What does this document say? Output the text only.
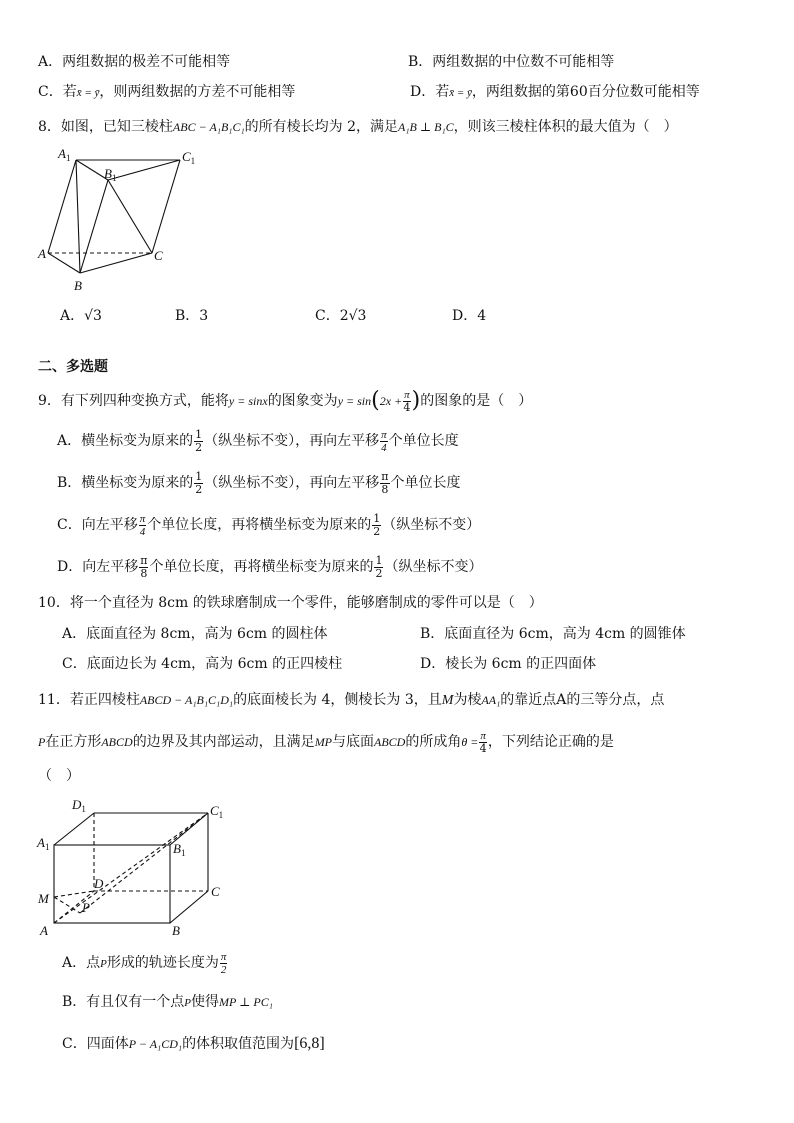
A．两组数据的极差不可能相等	B．两组数据的中位数不可能相等
C．若x̄ = ȳ，则两组数据的方差不可能相等	D．若x̄ = ȳ，两组数据的第60百分位数可能相等
8．如图，已知三棱柱ABC − A₁B₁C₁的所有棱长均为 2，满足A₁B ⊥ B₁C，则该三棱柱体积的最大值为（　）
$A_1$	$C_1$
$B_1$
A	C
B
A．√3	B．3	C．2√3	D．4
二、多选题
9．有下列四种变换方式，能将y = sinx的图象变为$y = \sin(2x + \frac{\pi}{4}$ )的图象的是（　）
A．横坐标变为原来的 $\frac{1}{2}$ （纵坐标不变），再向左平移 $\frac{\pi}{4}$ 个单位长度
B．横坐标变为原来的 $\frac{1}{2}$ （纵坐标不变），再向左平移 $\frac{\pi}{8}$ 个单位长度
C．向左平移 $\frac{\pi}{4}$ 个单位长度，再将横坐标变为原来的 $\frac{1}{2}$ （纵坐标不变）
D．向左平移 $\frac{\pi}{8}$ 个单位长度，再将横坐标变为原来的 $\frac{1}{2}$ （纵坐标不变）
10．将一个直径为 8cm 的铁球磨制成一个零件，能够磨制成的零件可以是（　）
A．底面直径为 8cm，高为 6cm 的圆柱体	B．底面直径为 6cm，高为 4cm 的圆锥体
C．底面边长为 4cm，高为 6cm 的正四棱柱	D．棱长为 6cm 的正四面体
11．若正四棱柱ABCD − A₁B₁C₁D₁的底面棱长为 4，侧棱长为 3，且M为棱AA₁的靠近点A的三等分点，点
P在正方形ABCD的边界及其内部运动，且满足MP与底面ABCD的所成角$\theta = \frac{\pi}{4}$ ，下列结论正确的是
（　）
$D_1$	$C_1$
$A_1$	$B_1$
D
C
M
P
A	B
A．点P形成的轨迹长度为 $\frac{\pi}{2}$
B．有且仅有一个点P使得MP ⊥ PC₁
C．四面体P − A₁CD₁的体积取值范围为[6,8]
